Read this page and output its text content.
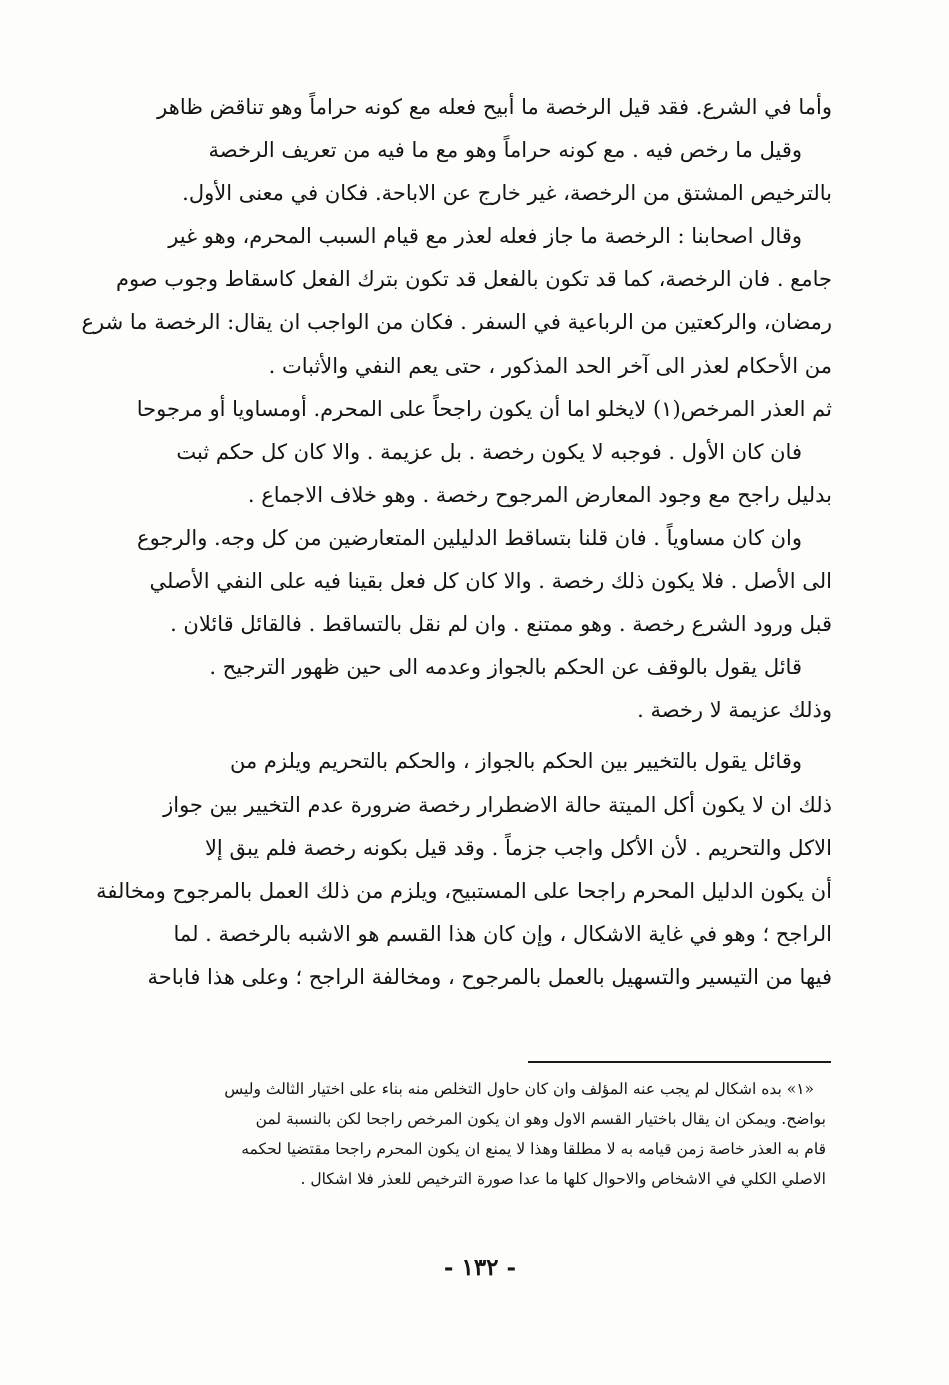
وأما في الشرع. فقد قيل الرخصة ما أبيح فعله مع كونه حراماً وهو تناقض ظاهر
وقيل ما رخص فيه . مع كونه حراماً وهو مع ما فيه من تعريف الرخصة
بالترخيص المشتق من الرخصة، غير خارج عن الاباحة. فكان في معنى الأول.
وقال اصحابنا : الرخصة ما جاز فعله لعذر مع قيام السبب المحرم، وهو غير
جامع . فان الرخصة، كما قد تكون بالفعل قد تكون بترك الفعل كاسقاط وجوب صوم
رمضان، والركعتين من الرباعية في السفر . فكان من الواجب ان يقال: الرخصة ما شرع
من الأحكام لعذر الى آخر الحد المذكور ، حتى يعم النفي والأثبات .
ثم العذر المرخص(١) لايخلو اما أن يكون راجحاً على المحرم. أومساويا أو مرجوحا
فان كان الأول . فوجبه لا يكون رخصة . بل عزيمة . والا كان كل حكم ثبت
بدليل راجح مع وجود المعارض المرجوح رخصة . وهو خلاف الاجماع .
وان كان مساوياً . فان قلنا بتساقط الدليلين المتعارضين من كل وجه. والرجوع
الى الأصل . فلا يكون ذلك رخصة . والا كان كل فعل بقينا فيه على النفي الأصلي
قبل ورود الشرع رخصة . وهو ممتنع . وان لم نقل بالتساقط . فالقائل قائلان .
قائل يقول بالوقف عن الحكم بالجواز وعدمه الى حين ظهور الترجيح .
وذلك عزيمة لا رخصة .
وقائل يقول بالتخيير بين الحكم بالجواز ، والحكم بالتحريم ويلزم من
ذلك ان لا يكون أكل الميتة حالة الاضطرار رخصة ضرورة عدم التخيير بين جواز
الاكل والتحريم . لأن الأكل واجب جزماً . وقد قيل بكونه رخصة فلم يبق إلا
أن يكون الدليل المحرم راجحا على المستبيح، ويلزم من ذلك العمل بالمرجوح ومخالفة
الراجح ؛ وهو في غاية الاشكال ، وإن كان هذا القسم هو الاشبه بالرخصة . لما
فيها من التيسير والتسهيل بالعمل بالمرجوح ، ومخالفة الراجح ؛ وعلى هذا فاباحة
«١» بده اشكال لم يجب عنه المؤلف وان كان حاول التخلص منه بناء على اختيار الثالث وليس
بواضح. ويمكن ان يقال باختيار القسم الاول وهو ان يكون المرخص راجحا لكن بالنسبة لمن
قام به العذر خاصة زمن قيامه به لا مطلقا وهذا لا يمنع ان يكون المحرم راجحا مقتضيا لحكمه
الاصلي الكلي في الاشخاص والاحوال كلها ما عدا صورة الترخيص للعذر فلا اشكال .
- ١٣٢ -
